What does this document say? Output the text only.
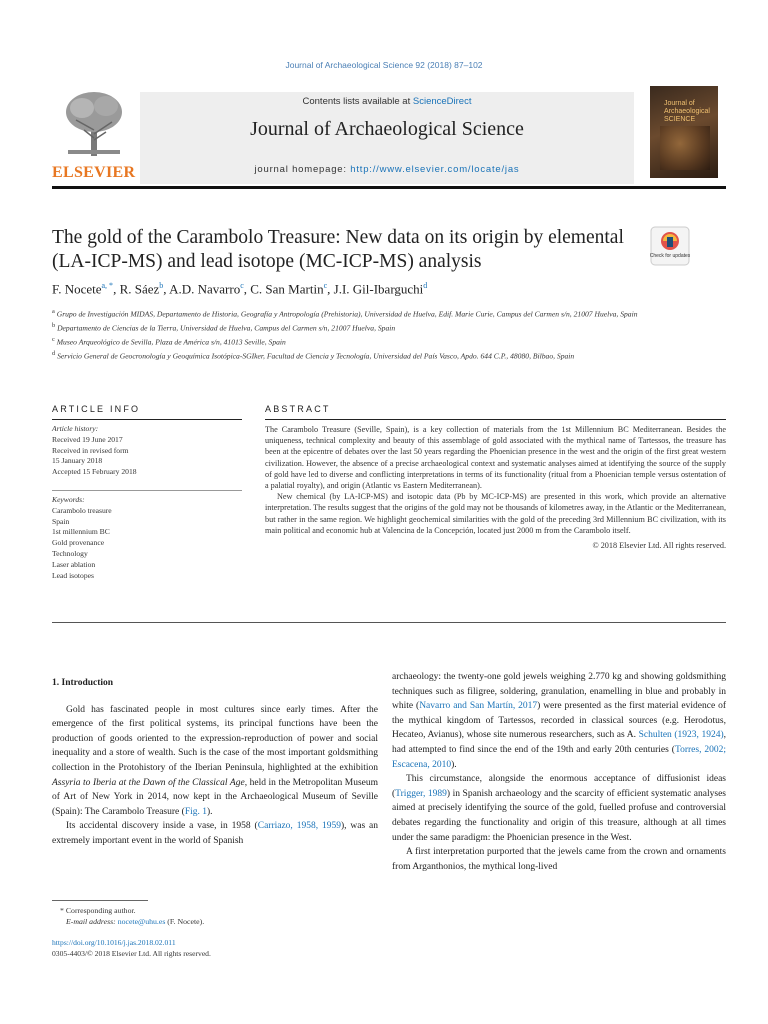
Journal of Archaeological Science 92 (2018) 87–102
ELSEVIER
Contents lists available at ScienceDirect
Journal of Archaeological Science
journal homepage: http://www.elsevier.com/locate/jas
Journal of Archaeological SCIENCE
The gold of the Carambolo Treasure: New data on its origin by elemental (LA-ICP-MS) and lead isotope (MC-ICP-MS) analysis	Check for updates
F. Nocete$^{a, *}$, R. Sáez$^b$, A.D. Navarro$^c$, C. San Martin$^c$, J.I. Gil-Ibarguchi$^d$
$^a$ Grupo de Investigación MIDAS, Departamento de Historia, Geografía y Antropología (Prehistoria), Universidad de Huelva, Edif. Marie Curie, Campus del Carmen s/n, 21007 Huelva, Spain
$^b$ Departamento de Ciencias de la Tierra, Universidad de Huelva, Campus del Carmen s/n, 21007 Huelva, Spain
$^c$ Museo Arqueológico de Sevilla, Plaza de América s/n, 41013 Seville, Spain
$^d$ Servicio General de Geocronología y Geoquímica Isotópica-SGIker, Facultad de Ciencia y Tecnología, Universidad del País Vasco, Apdo. 644 C.P., 48080, Bilbao, Spain
ARTICLE INFO	ABSTRACT
Article history:
Received 19 June 2017
Received in revised form
15 January 2018
Accepted 15 February 2018
Keywords:
Carambolo treasure
Spain
1st millennium BC
Gold provenance
Technology
Laser ablation
Lead isotopes

The Carambolo Treasure (Seville, Spain), is a key collection of materials from the 1st Millennium BC Mediterranean. Besides the uniqueness, technical complexity and beauty of this assemblage of gold associated with the mythical name of Tartessos, the treasure has been at the epicentre of debates over the last 50 years regarding the Phoenician presence in the west and the origin of the first great western civilization. However, the absence of a precise archaeological context and systematic analyses aimed at identifying the source of the supply of gold have led to diverse and conflicting interpretations in terms of its functionality (ritual from a Phoenician temple versus ostentation of a palatial royalty), and origin (Atlantic vs Eastern Mediterranean).

New chemical (by LA-ICP-MS) and isotopic data (Pb by MC-ICP-MS) are presented in this work, which provide an alternative interpretation. The results suggest that the origins of the gold may not be thousands of kilometres away, in the Atlantic or the Mediterranean, but rather in the same region. We highlight geochemical similarities with the gold of the preceding 3rd Millennium BC civilization, with its main political and economic hub at Valencina de la Concepción, located just 2000 m from the Carambolo itself.

© 2018 Elsevier Ltd. All rights reserved.

1. Introduction

Gold has fascinated people in most cultures since early times. After the emergence of the first political systems, its principal functions have been the production of goods oriented to the expression-reproduction of power and social inequality and a store of wealth. Such is the case of the most important goldsmithing collection in the Protohistory of the Iberian Peninsula, highlighted at the exhibition Assyria to Iberia at the Dawn of the Classical Age, held in the Metropolitan Museum of Art of New York in 2014, now kept in the Archaeological Museum of Seville (Spain): The Carambolo Treasure (Fig. 1).

Its accidental discovery inside a vase, in 1958 (Carriazo, 1958, 1959), was an extremely important event in the world of Spanish

archaeology: the twenty-one gold jewels weighing 2.770 kg and showing goldsmithing techniques such as filigree, soldering, granulation, enamelling in blue and probably in white (Navarro and San Martín, 2017) were presented as the first material evidence of the mythical kingdom of Tartessos, recorded in classical sources (e.g. Herodotus, Hecateo, Avianus), whose site numerous researchers, such as A. Schulten (1923, 1924), had attempted to find since the end of the 19th and early 20th centuries (Torres, 2002; Escacena, 2010).

This circumstance, alongside the enormous acceptance of diffusionist ideas (Trigger, 1989) in Spanish archaeology and the scarcity of efficient systematic analyses aimed at precisely identifying the source of the gold, fuelled profuse and controversial debates regarding the functionality and origin of this treasure, although at all times under the same paradigm: the Phoenician presence in the West.

A first interpretation purported that the jewels came from the crown and ornaments from Arganthonios, the mythical long-lived

* Corresponding author.
E-mail address: nocete@uhu.es (F. Nocete).
https://doi.org/10.1016/j.jas.2018.02.011
0305-4403/© 2018 Elsevier Ltd. All rights reserved.
